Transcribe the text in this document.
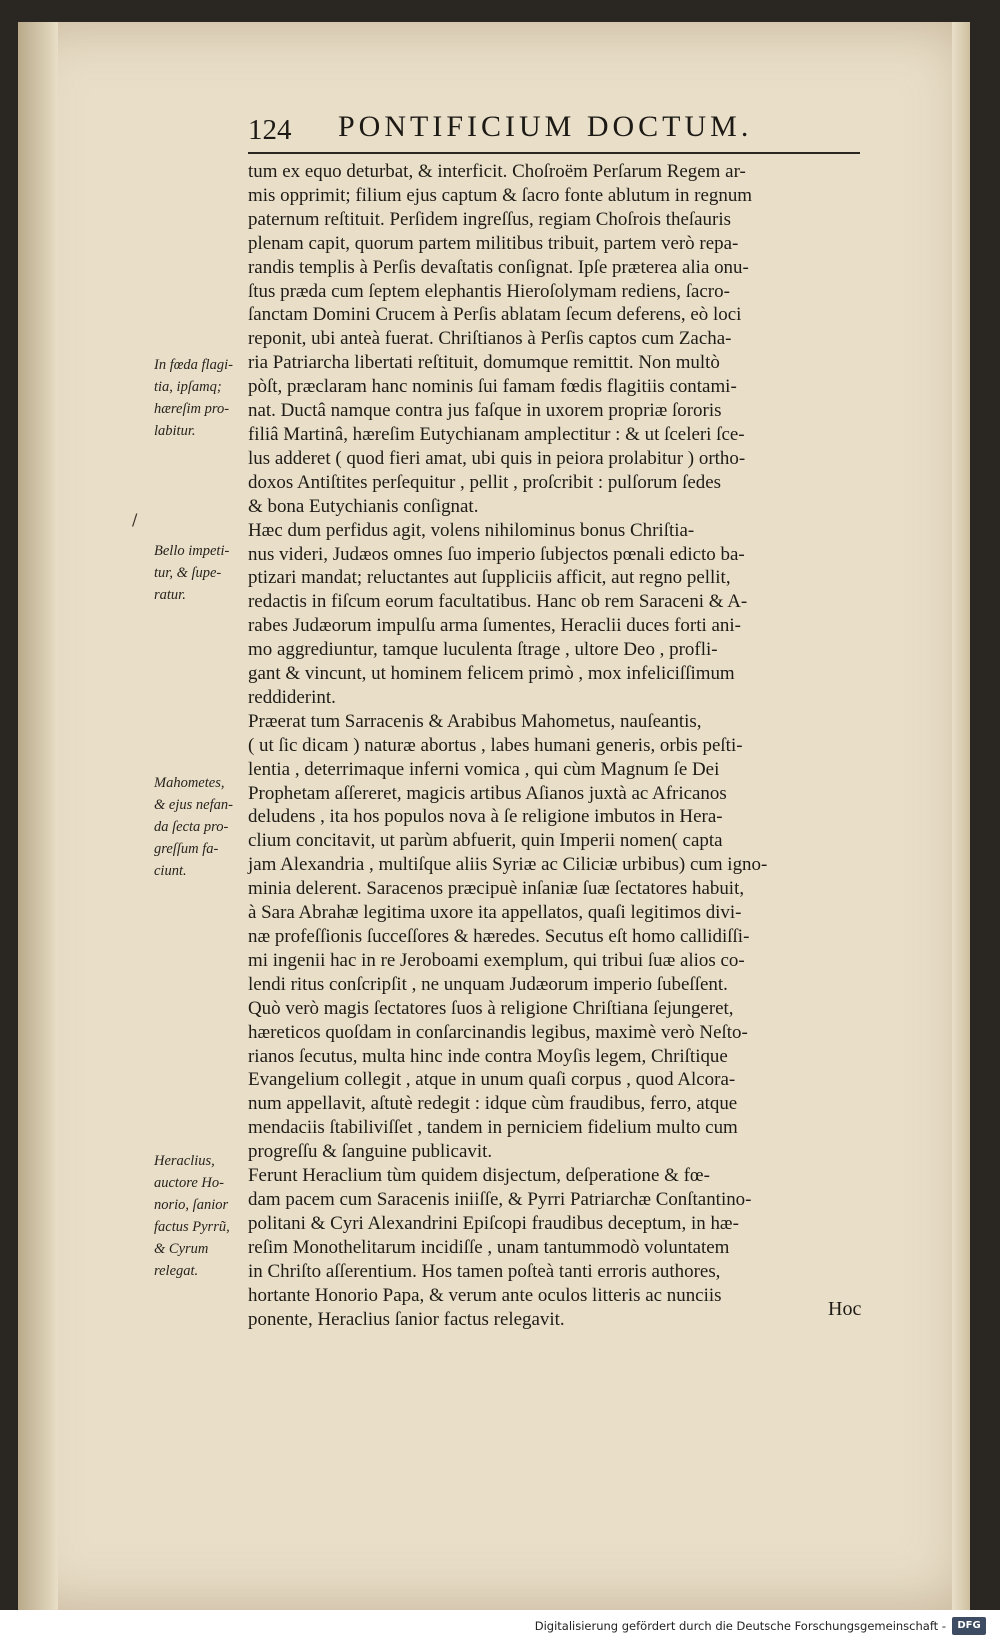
124 PONTIFICIUM DOCTUM.
/
tum ex equo deturbat, & interficit. Choſroëm Perſarum Regem ar-
mis opprimit; filium ejus captum & ſacro fonte ablutum in regnum
paternum reſtituit. Perſidem ingreſſus, regiam Choſrois theſauris
plenam capit, quorum partem militibus tribuit, partem verò repa-
randis templis à Perſis devaſtatis conſignat. Ipſe præterea alia onu-
ſtus præda cum ſeptem elephantis Hieroſolymam rediens, ſacro-
ſanctam Domini Crucem à Perſis ablatam ſecum deferens, eò loci
reponit, ubi anteà fuerat. Chriſtianos à Perſis captos cum Zacha-
ria Patriarcha libertati reſtituit, domumque remittit. Non multò
pòſt, præclaram hanc nominis ſui famam fœdis flagitiis contami-
nat. Ductâ namque contra jus faſque in uxorem propriæ ſororis
filiâ Martinâ, hæreſim Eutychianam amplectitur : & ut ſceleri ſce-
lus adderet ( quod fieri amat, ubi quis in peiora prolabitur ) ortho-
doxos Antiſtites perſequitur , pellit , proſcribit : pulſorum ſedes
& bona Eutychianis conſignat.
Hæc dum perfidus agit, volens nihilominus bonus Chriſtia-
nus videri, Judæos omnes ſuo imperio ſubjectos pœnali edicto ba-
ptizari mandat; reluctantes aut ſuppliciis afficit, aut regno pellit,
redactis in fiſcum eorum facultatibus. Hanc ob rem Saraceni & A-
rabes Judæorum impulſu arma ſumentes, Heraclii duces forti ani-
mo aggrediuntur, tamque luculenta ſtrage , ultore Deo , profli-
gant & vincunt, ut hominem felicem primò , mox infeliciſſimum
reddiderint.
Præerat tum Sarracenis & Arabibus Mahometus, nauſeantis,
( ut ſic dicam ) naturæ abortus , labes humani generis, orbis peſti-
lentia , deterrimaque inferni vomica , qui cùm Magnum ſe Dei
Prophetam aſſereret, magicis artibus Aſianos juxtà ac Africanos
deludens , ita hos populos nova à ſe religione imbutos in Hera-
clium concitavit, ut parùm abfuerit, quin Imperii nomen( capta
jam Alexandria , multiſque aliis Syriæ ac Ciliciæ urbibus) cum igno-
minia delerent. Saracenos præcipuè inſaniæ ſuæ ſectatores habuit,
à Sara Abrahæ legitima uxore ita appellatos, quaſi legitimos divi-
næ profeſſionis ſucceſſores & hæredes. Secutus eſt homo callidiſſi-
mi ingenii hac in re Jeroboami exemplum, qui tribui ſuæ alios co-
lendi ritus conſcripſit , ne unquam Judæorum imperio ſubeſſent.
Quò verò magis ſectatores ſuos à religione Chriſtiana ſejungeret,
hæreticos quoſdam in conſarcinandis legibus, maximè verò Neſto-
rianos ſecutus, multa hinc inde contra Moyſis legem, Chriſtique
Evangelium collegit , atque in unum quaſi corpus , quod Alcora-
num appellavit, aſtutè redegit : idque cùm fraudibus, ferro, atque
mendaciis ſtabiliviſſet , tandem in perniciem fidelium multo cum
progreſſu & ſanguine publicavit.
Ferunt Heraclium tùm quidem disjectum, deſperatione & fœ-
dam pacem cum Saracenis iniiſſe, & Pyrri Patriarchæ Conſtantino-
politani & Cyri Alexandrini Epiſcopi fraudibus deceptum, in hæ-
reſim Monothelitarum incidiſſe , unam tantummodò voluntatem
in Chriſto aſſerentium. Hos tamen poſteà tanti erroris authores,
hortante Honorio Papa, & verum ante oculos litteris ac nunciis
ponente, Heraclius ſanior factus relegavit.
In fœda flagi-
tia, ipſamq;
hæreſim pro-
labitur.
Bello impeti-
tur, & ſupe-
ratur.
Mahometes,
& ejus nefan-
da ſecta pro-
greſſum fa-
ciunt.
Heraclius,
auctore Ho-
norio, ſanior
factus Pyrrũ,
& Cyrum
relegat.
Hoc
Digitalisierung gefördert durch die Deutsche Forschungsgemeinschaft -	DFG
